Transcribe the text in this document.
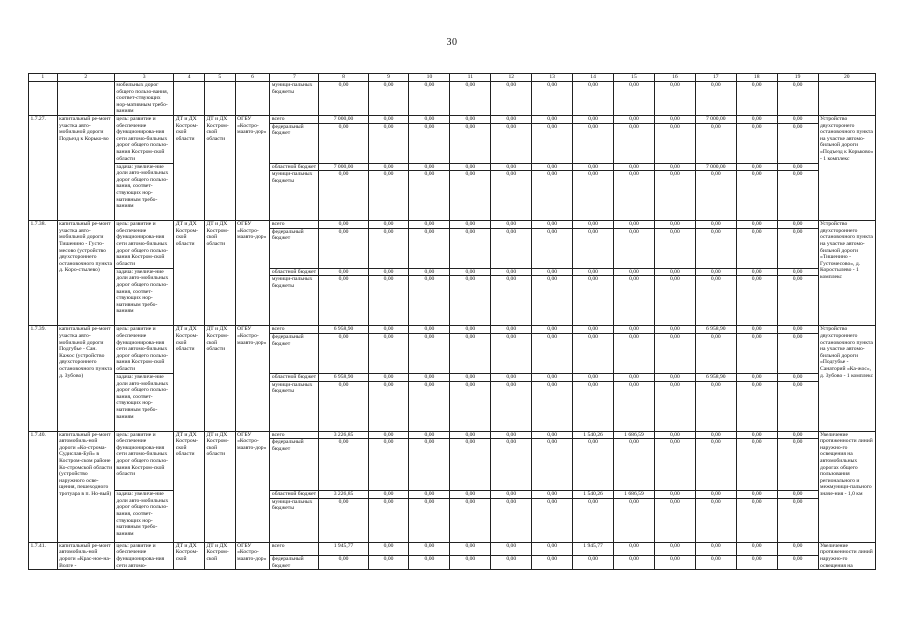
30
1	2	3	4	5	6	7	8	9	10	11	12	13	14	15	16	17	18	19	20
		мобильных дорог общего пользо-вания, соответ-ствующих нор-мативным требо-ваниям				муници-пальных бюджеты	0,00	0,00	0,00	0,00	0,00	0,00	0,00	0,00	0,00	0,00	0,00	0,00	
1.7.27.	капитальный ре-монт участка авто-мобильной дороги Подъезд к Корько-во	цель: развитие и обеспечение функционирова-ния сети автомо-бильных дорог общего пользо-вания Костром-ской области	ДТ и ДХ Костром-ской области	ДТ и ДХ Костром-ской области	ОГБУ «Костро-маавто-дор»	всего	7 000,00	0,00	0,00	0,00	0,00	0,00	0,00	0,00	0,00	7 000,00	0,00	0,00	Устройство двухсторонего остановочного пункта на участке автомо-бильной дороги «Подъезд к Корьково» - 1 комплекс
						федеральный бюджет	0,00	0,00	0,00	0,00	0,00	0,00	0,00	0,00	0,00	0,00	0,00	0,00	
		задача: увеличе-ние доли авто-мобильных дорог общего пользо-вания, соответ-ствующих нор-мативным требо-ваниям				областной бюджет	7 000,00	0,00	0,00	0,00	0,00	0,00	0,00	0,00	0,00	7 000,00	0,00	0,00	
						муници-пальных бюджеты	0,00	0,00	0,00	0,00	0,00	0,00	0,00	0,00	0,00	0,00	0,00	0,00	
1.7.38.	капитальный ре-монт участка авто-мобильной дороги Тишенинo - Густо-месово (устройство двухстороннего остановочного пункта д. Коро-стылево)	цель: развитие и обеспечение функционирова-ния сети автомо-бильных дорог общего пользо-вания Костром-ской области	ДТ и ДХ Костром-ской области	ДТ и ДХ Костром-ской области	ОГБУ «Костро-маавто-дор»	всего	0,00	0,00	0,00	0,00	0,00	0,00	0,00	0,00	0,00	0,00	0,00	0,00	Устройство двухстороннего остановочного пункта на участке автомо-бильной дороги «Тишенино - Густомесово», д. Коростылево - 1 комплекс
						федеральный бюджет	0,00	0,00	0,00	0,00	0,00	0,00	0,00	0,00	0,00	0,00	0,00	0,00	
		задача: увеличе-ние доли авто-мобильных дорог общего пользо-вания, соответ-ствующих нор-мативным требо-ваниям				областной бюджет	0,00	0,00	0,00	0,00	0,00	0,00	0,00	0,00	0,00	0,00	0,00	0,00	
						муници-пальных бюджеты	0,00	0,00	0,00	0,00	0,00	0,00	0,00	0,00	0,00	0,00	0,00	0,00	
1.7.39.	капитальный ре-монт участка авто-мобильной дороги Подгубье - Сан. Кажос (устройство двухстороннего остановочного пункта д. Зубово)	цель: развитие и обеспечение функционирова-ния сети автомо-бильных дорог общего пользо-вания Костром-ской области	ДТ и ДХ Костром-ской области	ДТ и ДХ Костром-ской области	ОГБУ «Костро-маавто-дор»	всего	6 958,90	0,00	0,00	0,00	0,00	0,00	0,00	0,00	0,00	6 958,90	0,00	0,00	Устройство двухстороннего остановочного пункта на участке автомо-бильной дороги «Подгубье - Санаторий «Ка-жос», д. Зубово - 1 комплекс
						федеральный бюджет	0,00	0,00	0,00	0,00	0,00	0,00	0,00	0,00	0,00	0,00	0,00	0,00	
		задача: увеличе-ние доли авто-мобильных дорог общего пользо-вания, соответ-ствующих нор-мативным требо-ваниям				областной бюджет	6 958,90	0,00	0,00	0,00	0,00	0,00	0,00	0,00	0,00	6 958,90	0,00	0,00	
						муници-пальных бюджеты	0,00	0,00	0,00	0,00	0,00	0,00	0,00	0,00	0,00	0,00	0,00	0,00	
1.7.40.	капитальный ре-монт автомобиль-ной дороги «Ко-строма- Судиcлав-Буй» в Костром-ском районе Ко-стромской области (устройство наружного осве-щения, пешеходного тротуара в п. Но-вый)	цель: развитие и обеспечение функционирова-ния сети автомо-бильных дорог общего пользо-вания Костром-ской области	ДТ и ДХ Костром-ской области	ДТ и ДХ Костром-ской области	ОГБУ «Костро-маавто-дор»	всего	3 226,85	0,00	0,00	0,00	0,00	0,00	1 540,26	1 686,59	0,00	0,00	0,00	0,00	Увеличение протяженности линий наружно-го освещения на автомобильных дорогах общего пользования регионального и межмуници-пального значе-ния - 1,0 км
						федеральный бюджет	0,00	0,00	0,00	0,00	0,00	0,00	0,00	0,00	0,00	0,00	0,00	0,00	
		задача: увеличе-ние доли авто-мобильных дорог общего пользо-вания, соответ-ствующих нор-мативным требо-ваниям				областной бюджет	3 226,85	0,00	0,00	0,00	0,00	0,00	1 540,26	1 686,59	0,00	0,00	0,00	0,00	
						муници-пальных бюджеты	0,00	0,00	0,00	0,00	0,00	0,00	0,00	0,00	0,00	0,00	0,00	0,00	
1.7.41.	капитальный ре-монт автомобиль-ной дороги «Крас-ное-на-Волге -	цель: развитие и обеспечение функционирова-ния сети автомо-	ДТ и ДХ Костром-ской	ДТ и ДХ Костром-ской	ОГБУ «Костро-маавто-дор»	всего	1 945,77	0,00	0,00	0,00	0,00	0,00	1 945,77	0,00	0,00	0,00	0,00	0,00	Увеличение протяженности линий наружно-го освещения на
						федеральный бюджет	0,00	0,00	0,00	0,00	0,00	0,00	0,00	0,00	0,00	0,00	0,00	0,00	
